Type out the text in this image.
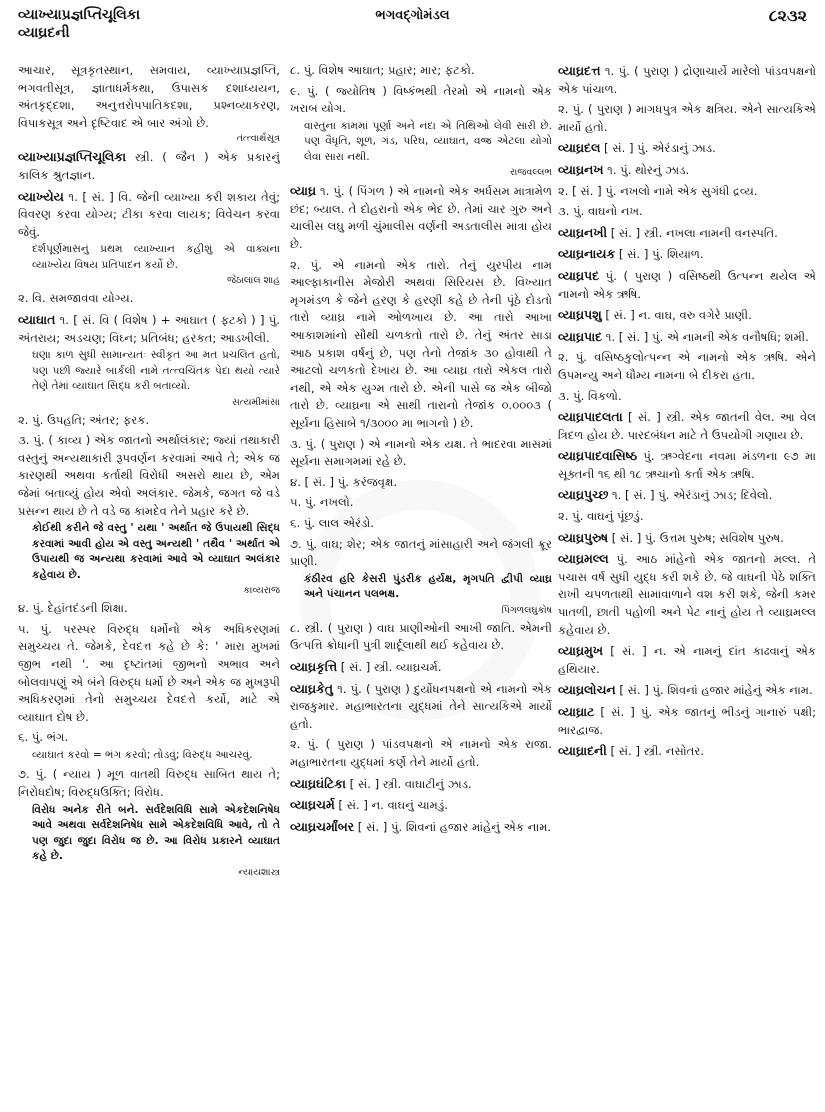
વ્યાખ્યાપ્રજ્ઞપ્તિચૂલિકા
વ્યાઘ્રદની
ભગવદ્ગોમંડલ	૮૨૩૨
આચાર, સૂત્રકૃતસ્થાન, સમવાય, વ્યાખ્યાપ્રજ્ઞપ્તિ, ભગવતીસૂત્ર, જ્ઞાતાધર્મકથા, ઉપાસક દશાધ્યયન, અંતકૃદ્દશા, અનુત્તરોપપાતિકદશા, પ્રશ્નવ્યાકરણ, વિપાકસૂત્ર અને દૃષ્ટિવાદ એ બાર અંગો છે.
તત્ત્વાર્થસૂત્ર
વ્યાખ્યાપ્રજ્ઞપ્તિચૂલિકા સ્ત્રી. ( જૈન ) એક પ્રકારનું કાલિક શ્રુતજ્ઞાન.
વ્યાખ્યેય ૧. [ સં. ] વિ. જેની વ્યાખ્યા કરી શકાય તેવું; વિવરણ કરવા યોગ્ય; ટીકા કરવા લાયક; વિવેચન કરવા જેવું.
દર્શપૂર્ણમાસનું પ્રથમ વ્યાખ્યાન કહીશું એ વાક્યના વ્યાખ્યેય વિષય પ્રતિપાદન કર્યો છે.
જેઠાલાલ શાહ
૨. વિ. સમજાવવા યોગ્ય.
વ્યાઘાત ૧. [ સં. વિ ( વિશેષ ) + આઘાત ( ફટકો ) ] પું. અંતરાય; અડચણ; વિઘ્ન; પ્રતિબંધ; હરકત; આડખીલી.
ઘણા કાળ સુધી સામાન્યતઃ સ્વીકૃત આ મત પ્રચલિત હતો, પણ પછી જ્યારે બાર્કલી નામે તત્ત્વચિંતક પેદા થયો ત્યારે તેણે તેમાં વ્યાઘાત સિદ્ધ કરી બતાવ્યો.
સત્યમીમાંસા
૨. પું. ઉપહતિ; અંતર; ફરક.
૩. પું. ( કાવ્ય ) એક જાતનો અર્થાલંકાર; જ્યાં તથાકારી વસ્તુનું અન્યથાકારી રૂપવર્ણન કરવામાં આવે તે; એક જ કારણથી અથવા કર્તાથી વિરોધી અસરો થાય છે, એમ જેમાં બતાવ્યું હોય એવો અલંકાર. જેમકે, જગત જે વડે પ્રસન્ન થાય છે તે વડે જ કામદેવ તેને પ્રહાર કરે છે.
કોઈથી કરીને જે વસ્તુ ' યથા ' અર્થાત જે ઉપાયથી સિદ્ધ કરવામાં આવી હોય એ વસ્તુ અન્યથી ' તથૈવ ' અર્થાત એ ઉપાયથી જ અન્યથા કરવામાં આવે એ વ્યાઘાત અલંકાર કહેવાય છે.
કાવ્યરાજ
૪. પું. દેહાંતદંડની શિક્ષા.
૫. પું. પરસ્પર વિરુદ્ધ ધર્મોનો એક અધિકરણમાં સમુચ્ચય તે. જેમકે, દેવદત્ત કહે છે કે: ' મારા મુખમાં જીભ નથી '. આ દૃષ્ટાંતમાં જીભનો અભાવ અને બોલવાપણું એ બંને વિરુદ્ધ ધર્મો છે અને એક જ મુખરૂપી અધિકરણમાં તેનો સમુચ્ચય દેવદત્તે કર્યો, માટે એ વ્યાઘાત દોષ છે.
૬. પું. ભંગ.
વ્યાઘાત કરવો = ભંગ કરવો; તોડવું; વિરુદ્ધ આચરવું.
૭. પું. ( ન્યાય ) મૂળ વાતથી વિરુદ્ધ સાબિત થાય તે; નિરોધદોષ; વિરુદ્ધઉક્તિ; વિરોધ.
વિરોધ અનેક રીતે બને. સર્વદેશવિધિ સામે એકદેશનિષેધ આવે અથવા સર્વદેશનિષેધ સામે એકદેશવિધિ આવે, તો તે પણ જુદા જુદા વિરોધ જ છે. આ વિરોધ પ્રકારને વ્યાઘાત કહે છે.
ન્યાયશાસ્ત્ર
૮. પું. વિશેષ આઘાત; પ્રહાર; માર; ફટકો.
૯. પું. ( જ્યોતિષ ) વિષ્કંભથી તેરમો એ નામનો એક ખરાબ યોગ.
વાસ્તુના કામમાં પૂર્ણા અને નંદા એ તિથિઓ લેવી સારી છે. પણ વૈધૃતિ, શૂળ, ગંડ, પરિઘ, વ્યાઘાત, વજ્ર એટલા યોગો લેવા સારા નથી.
રાજવલ્લભ
વ્યાઘ્ર ૧. પું. ( પિંગળ ) એ નામનો એક અર્ધસમ માત્રામેળ છંદ; બ્યાલ. તે દોહરાનો એક ભેદ છે. તેમાં ચાર ગુરુ અને ચાલીસ લઘુ મળી ચુંમાલીસ વર્ણની અડતાલીસ માત્રા હોય છે.
૨. પું. એ નામનો એક તારો. તેનું યુરપીય નામ આલ્ફાકાનીસ મેજોરી અથવા સિરિયસ છે. વિખ્યાત મૃગમંડળ કે જેને હરણ કે હરણી કહે છે તેની પૂંઠે દોડતો તારો વ્યાઘ્ર નામે ઓળખાય છે. આ તારો આખા આકાશમાંનો સૌથી ચળકતો તારો છે. તેનું અંતર સાડા આઠ પ્રકાશ વર્ષનું છે, પણ તેનો તેજાંક ૩૦ હોવાથી તે આટલો ચળકતો દેખાય છે. આ વ્યાઘ્ર તારો એકલ તારો નથી, એ એક યુગ્મ તારો છે. એની પાસે જ એક બીજો તારો છે. વ્યાઘ્રના એ સાથી તારાનો તેજાંક ૦.૦૦૦૩ ( સૂર્યના હિસાબે ૧/૩૦૦૦ મા ભાગનો ) છે.
૩. પું. ( પુરાણ ) એ નામનો એક યક્ષ. તે ભાદરવા માસમાં સૂર્યના સમાગમમાં રહે છે.
૪. [ સં. ] પું. કરંજવૃક્ષ.
૫. પું. નખલો.
૬. પું. લાલ એરંડો.
૭. પું. વાઘ; શેર; એક જાતનું માંસાહારી અને જંગલી ક્રૂર પ્રાણી.
કંઠીરવ હરિ કેસરી પુંડરીક હર્યક્ષ, મૃગપતિ દ્વીપી વ્યાઘ્ર અને પંચાનન પલભક્ષ.
પિંગળલઘુકોષ
૮. સ્ત્રી. ( પુરાણ ) વાઘ પ્રાણીઓની આખી જાતિ. એમની ઉત્પત્તિ ક્રોધાની પુત્રી શાર્દૂલાથી થઈ કહેવાય છે.
વ્યાઘ્રકૃત્તિ [ સં. ] સ્ત્રી. વ્યાઘ્રચર્મ.
વ્યાઘ્રકેતુ ૧. પું. ( પુરાણ ) દુર્યોધનપક્ષનો એ નામનો એક રાજકુમાર. મહાભારતના યુદ્ધમાં તેને સાત્યકિએ માર્યો હતો.
૨. પું. ( પુરાણ ) પાંડવપક્ષનો એ નામનો એક રાજા. મહાભારતના યુદ્ધમાં કર્ણે તેને માર્યો હતો.
વ્યાઘ્રઘંટિકા [ સં. ] સ્ત્રી. વાઘાટીનું ઝાડ.
વ્યાઘ્રચર્મ [ સં. ] ન. વાઘનું ચામડું.
વ્યાઘ્રચર્માંબર [ સં. ] પું. શિવનાં હજાર માંહેનું એક નામ.
વ્યાઘ્રદત્ત ૧. પું. ( પુરાણ ) દ્રોણાચાર્યે મારેલો પાંડવપક્ષનો એક પાંચાળ.
૨. પું. ( પુરાણ ) માગધપુત્ર એક ક્ષત્રિય. એને સાત્યકિએ માર્યો હતો.
વ્યાઘ્રદલ [ સં. ] પું. એરંડાનું ઝાડ.
વ્યાઘ્રનખ ૧. પું. થોરનું ઝાડ.
૨. [ સં. ] પું. નખલો નામે એક સુગંધી દ્રવ્ય.
૩. પું. વાઘનો નખ.
વ્યાઘ્રનખી [ સં. ] સ્ત્રી. નખલા નામની વનસ્પતિ.
વ્યાઘ્રનાયક [ સં. ] પું. શિયાળ.
વ્યાઘ્રપદ પું. ( પુરાણ ) વસિષ્ઠથી ઉત્પન્ન થયેલ એ નામનો એક ઋષિ.
વ્યાઘ્રપશુ [ સં. ] ન. વાઘ, વરુ વગેરે પ્રાણી.
વ્યાઘ્રપાદ ૧. [ સં. ] પું. એ નામની એક વનૌષધિ; શમી.
૨. પું. વસિષ્ઠકુલોત્પન્ન એ નામનો એક ઋષિ. એને ઉપમન્યુ અને ધૌમ્ય નામના બે દીકરા હતા.
૩. પું. વિકળો.
વ્યાઘ્રપાદલતા [ સં. ] સ્ત્રી. એક જાતની વેલ. આ વેલ ત્રિદળ હોય છે. પારદબંધન માટે તે ઉપયોગી ગણાય છે.
વ્યાઘ્રપાદવાસિષ્ઠ પું. ઋગ્વેદના નવમા મંડળના ૯૭ મા સૂક્તની ૧૬ થી ૧૮ ઋચાનો કર્તા એક ઋષિ.
વ્યાઘ્રપુચ્છ ૧. [ સં. ] પું. એરંડાનું ઝાડ; દિવેલો.
૨. પું. વાઘનું પૂંછડું.
વ્યાઘ્રપુરુષ [ સં. ] પું. ઉત્તમ પુરુષ; સવિશેષ પુરુષ.
વ્યાઘ્રમલ્લ પું. આઠ માંહેનો એક જાતનો મલ્લ. તે પચાસ વર્ષ સુધી યુદ્ધ કરી શકે છે. જે વાઘની પેઠે શક્તિ રાખી ચપળતાથી સામાવાળાને વશ કરી શકે, જેની કમર પાતળી, છાતી પહોળી અને પેટ નાનું હોય તે વ્યાઘ્રમલ્લ કહેવાય છે.
વ્યાઘ્રમુખ [ સં. ] ન. એ નામનું દાંત કાઢવાનું એક હથિયાર.
વ્યાઘ્રલોચન [ સં. ] પું. શિવનાં હજાર માંહેનું એક નામ.
વ્યાઘ્રાટ [ સં. ] પું. એક જાતનું ભીડનું ગાનારું પક્ષી; ભારદ્વાજ.
વ્યાઘ્રાદની [ સં. ] સ્ત્રી. નસોતર.
